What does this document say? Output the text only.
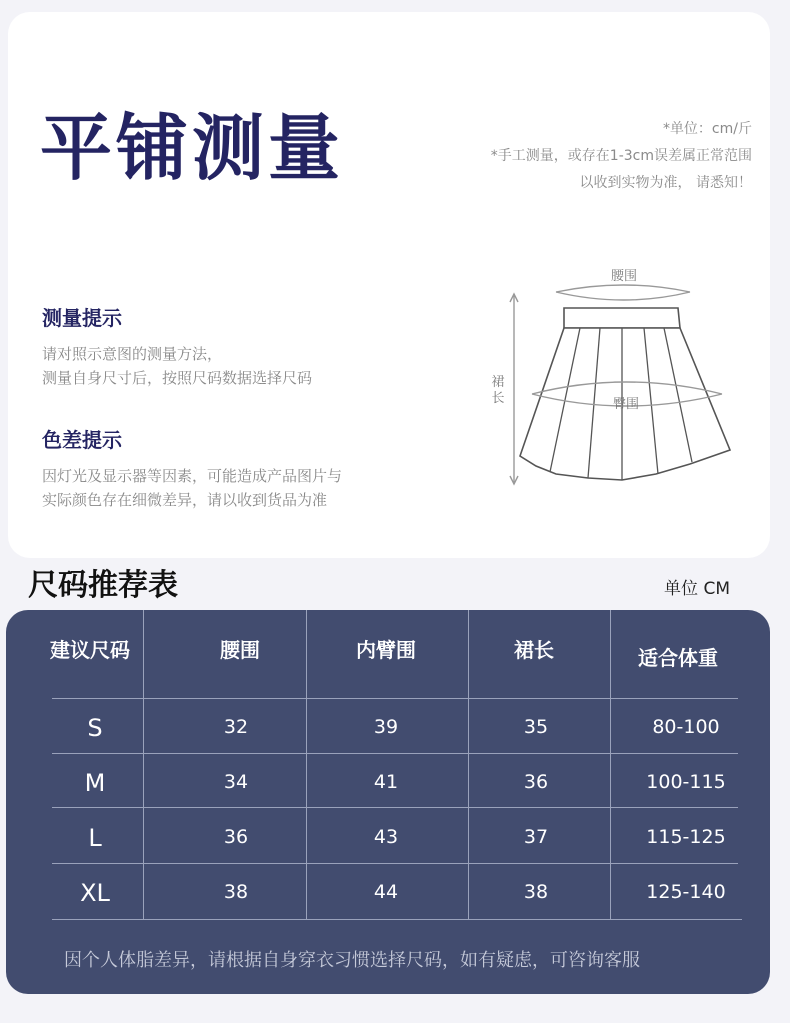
平铺测量	*单位：cm/斤
*手工测量，或存在1-3cm误差属正常范围
以收到实物为准， 请悉知！
测量提示
请对照示意图的测量方法，
测量自身尺寸后，按照尺码数据选择尺码
色差提示
因灯光及显示器等因素，可能造成产品图片与
实际颜色存在细微差异，请以收到货品为准
腰围
臀围
裙
长
尺码推荐表	单位 CM
建议尺码	腰围	内臂围	裙长	适合体重
S	32	39	35	80-100
M	34	41	36	100-115
L	36	43	37	115-125
XL	38	44	38	125-140
因个人体脂差异，请根据自身穿衣习惯选择尺码，如有疑虑，可咨询客服
